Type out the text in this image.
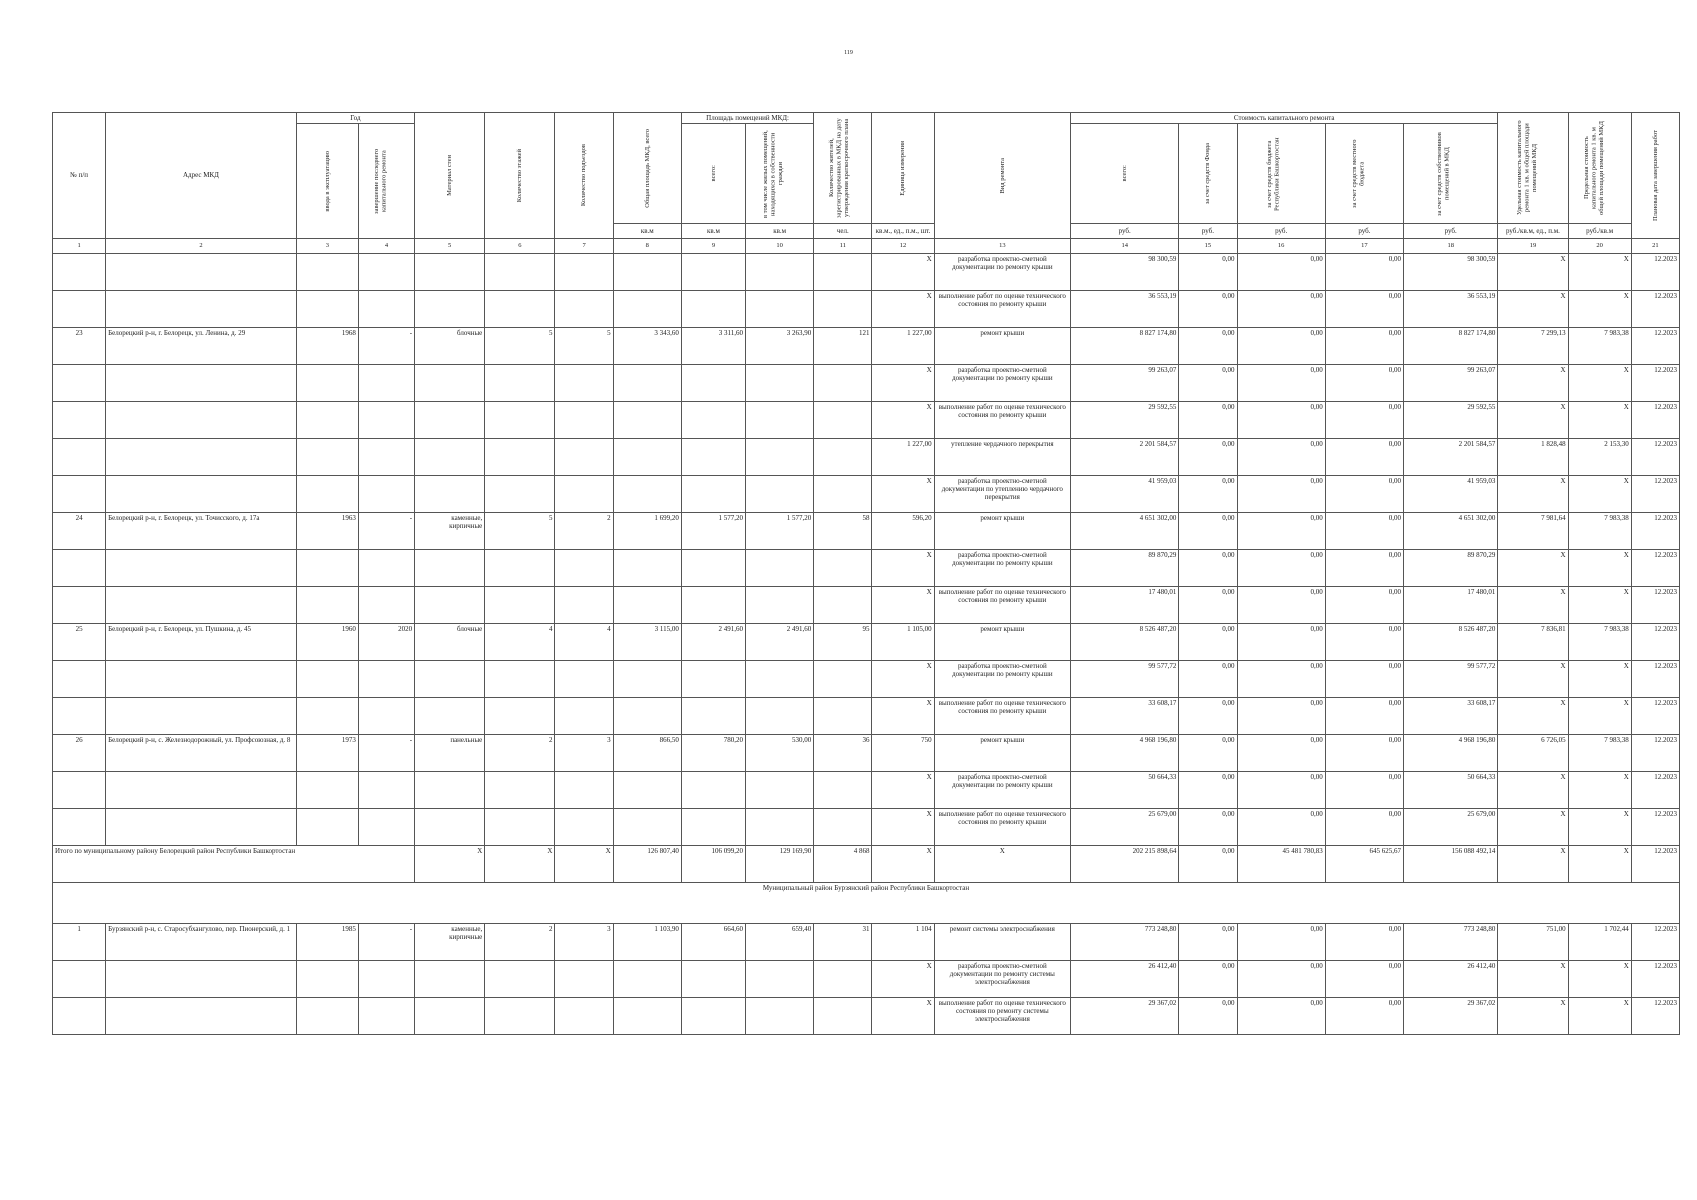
119
№ п/п	Адрес МКД	Год		Материал стен	Количество этажей	Количество подъездов	Общая площадь МКД, всего	Площадь помещений МКД:		Количество жителей, зарегистрированных в МКД на дату утверждения краткосрочного плана	Единица измерения	Вид ремонта	Стоимость капитального ремонта					Удельная стоимость капитального ремонта 1 кв. м общей площади помещений МКД	Предельная стоимость капитального ремонта 1 кв. м общей площади помещений МКД	Плановая дата завершения работ

		ввода в эксплуатацию	завершение последнего капитального ремонта					всего:	в том числе жилых помещений, находящихся в собственности граждан				всего:	за счет средств Фонда	за счет средств бюджета Республики Башкортостан	за счет средств местного бюджета	за счет средств собственников помещений в МКД			

							кв.м	кв.м	кв.м	чел.	кв.м., ед., п.м., шт.		руб.	руб.	руб.	руб.	руб.	руб./кв.м, ед., п.м.	руб./кв.м	
1	2	3	4	5	6	7	8	9	10	11	12	13	14	15	16	17	18	19	20	21
											X	разработка проектно-сметной документации по ремонту крыши	98 300,59	0,00	0,00	0,00	98 300,59	X	X	12.2023
											X	выполнение работ по оценке технического состояния по ремонту крыши	36 553,19	0,00	0,00	0,00	36 553,19	X	X	12.2023
23	Белорецкий р-н, г. Белорецк, ул. Ленина, д. 29	1968	-	блочные	5	5	3 343,60	3 311,60	3 263,90	121	1 227,00	ремонт крыши	8 827 174,80	0,00	0,00	0,00	8 827 174,80	7 299,13	7 983,38	12.2023
											X	разработка проектно-сметной документации по ремонту крыши	99 263,07	0,00	0,00	0,00	99 263,07	X	X	12.2023
											X	выполнение работ по оценке технического состояния по ремонту крыши	29 592,55	0,00	0,00	0,00	29 592,55	X	X	12.2023
											1 227,00	утепление чердачного перекрытия	2 201 584,57	0,00	0,00	0,00	2 201 584,57	1 828,48	2 153,30	12.2023
											X	разработка проектно-сметной документации по утеплению чердачного перекрытия	41 959,03	0,00	0,00	0,00	41 959,03	X	X	12.2023
24	Белорецкий р-н, г. Белорецк, ул. Точисского, д. 17а	1963	-	каменные, кирпичные	5	2	1 699,20	1 577,20	1 577,20	58	596,20	ремонт крыши	4 651 302,00	0,00	0,00	0,00	4 651 302,00	7 981,64	7 983,38	12.2023
											X	разработка проектно-сметной документации по ремонту крыши	89 870,29	0,00	0,00	0,00	89 870,29	X	X	12.2023
											X	выполнение работ по оценке технического состояния по ремонту крыши	17 480,01	0,00	0,00	0,00	17 480,01	X	X	12.2023
25	Белорецкий р-н, г. Белорецк, ул. Пушкина, д. 45	1960	2020	блочные	4	4	3 115,00	2 491,60	2 491,60	95	1 105,00	ремонт крыши	8 526 487,20	0,00	0,00	0,00	8 526 487,20	7 836,81	7 983,38	12.2023
											X	разработка проектно-сметной документации по ремонту крыши	99 577,72	0,00	0,00	0,00	99 577,72	X	X	12.2023
											X	выполнение работ по оценке технического состояния по ремонту крыши	33 608,17	0,00	0,00	0,00	33 608,17	X	X	12.2023
26	Белорецкий р-н, с. Железнодорожный, ул. Профсоюзная, д. 8	1973	-	панельные	2	3	866,50	780,20	530,00	36	750	ремонт крыши	4 968 196,80	0,00	0,00	0,00	4 968 196,80	6 726,05	7 983,38	12.2023
											X	разработка проектно-сметной документации по ремонту крыши	50 664,33	0,00	0,00	0,00	50 664,33	X	X	12.2023
											X	выполнение работ по оценке технического состояния по ремонту крыши	25 679,00	0,00	0,00	0,00	25 679,00	X	X	12.2023
Итого по муниципальному району Белорецкий район Республики Башкортостан				X	X	X	126 807,40	106 099,20	129 169,90	4 868	X	X	202 215 898,64	0,00	45 481 780,83	645 625,67	156 088 492,14	X	X	12.2023
Муниципальный район Бурзянский район Республики Башкортостан																				
1	Бурзянский р-н, с. Старосубхангулово, пер. Пионерский, д. 1	1985	-	каменные, кирпичные	2	3	1 103,90	664,60	659,40	31	1 104	ремонт системы электроснабжения	773 248,80	0,00	0,00	0,00	773 248,80	751,00	1 702,44	12.2023
											X	разработка проектно-сметной документации по ремонту системы электроснабжения	26 412,40	0,00	0,00	0,00	26 412,40	X	X	12.2023
											X	выполнение работ по оценке технического состояния по ремонту системы электроснабжения	29 367,02	0,00	0,00	0,00	29 367,02	X	X	12.2023
